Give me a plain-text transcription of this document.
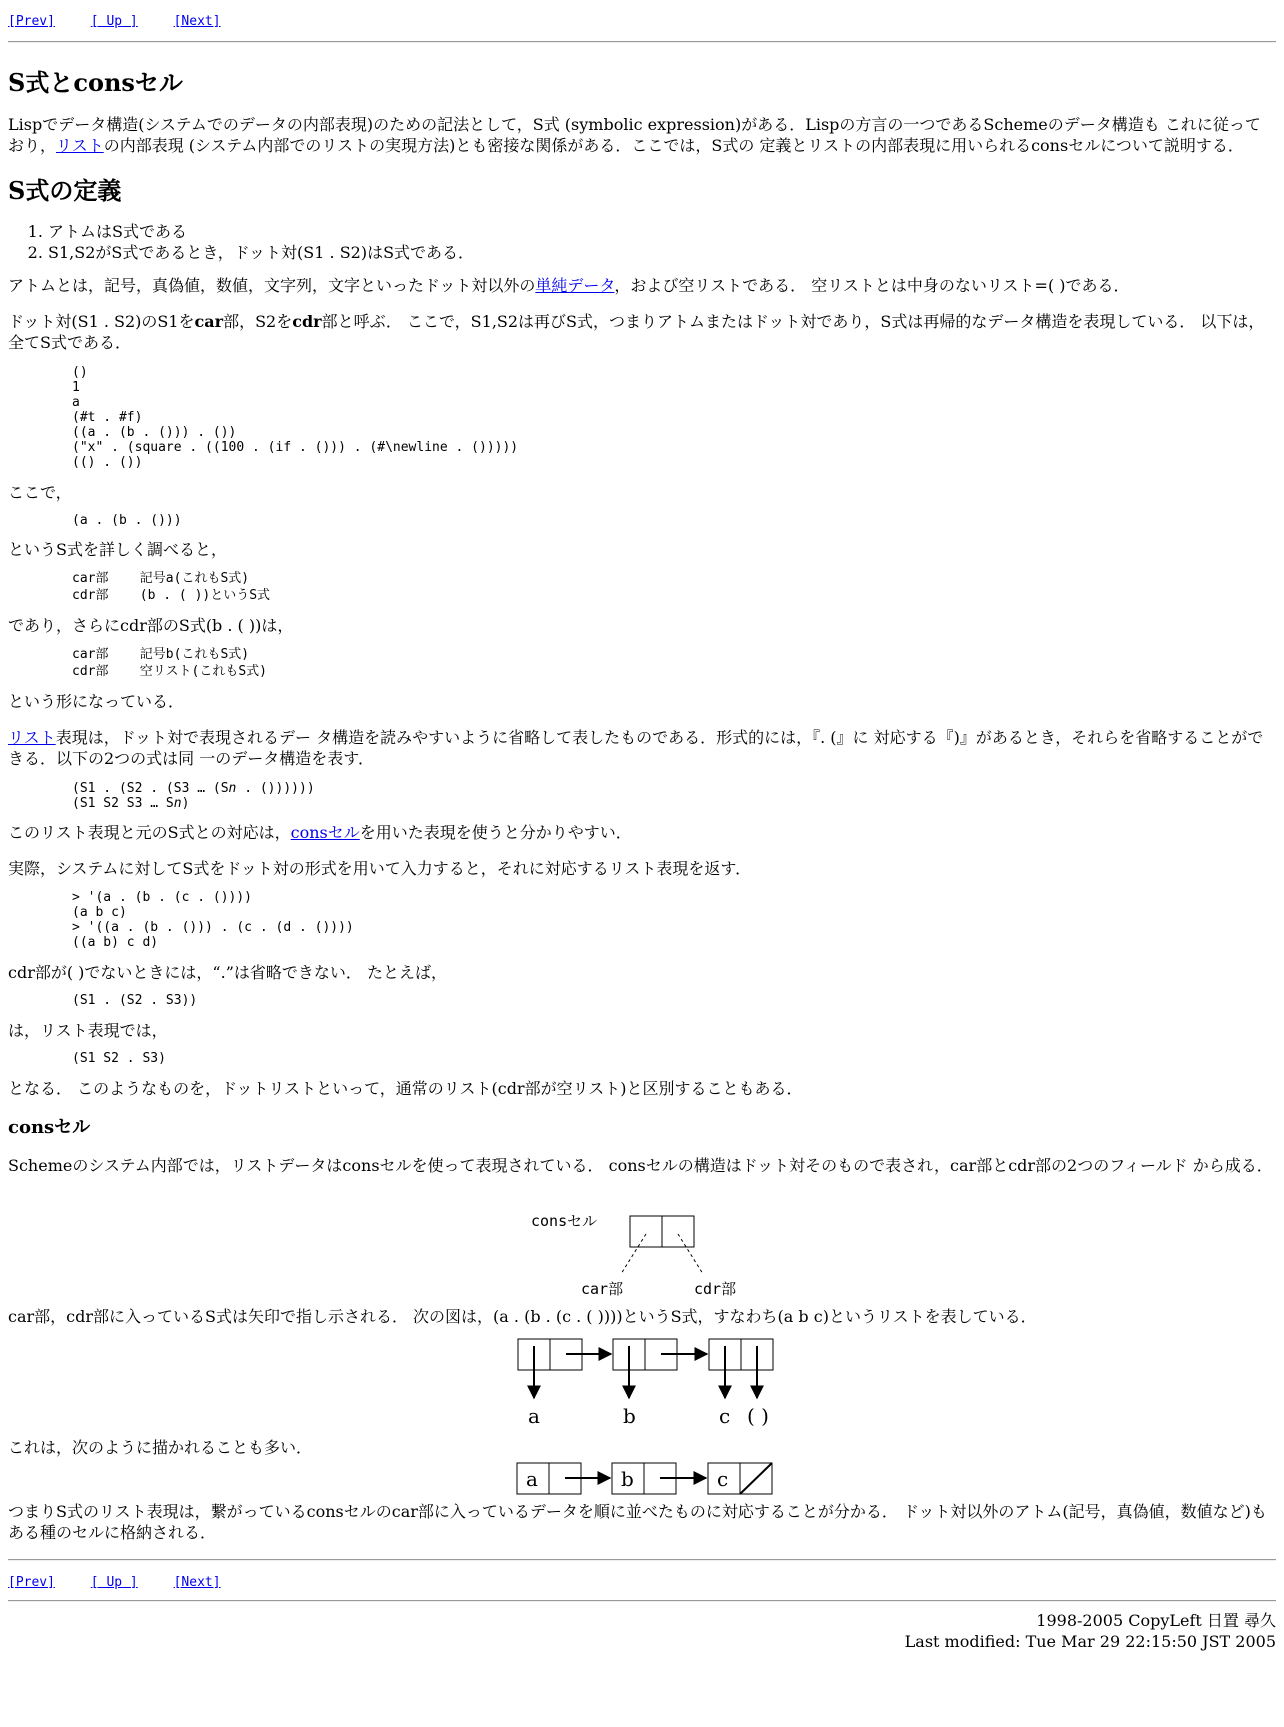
[Prev]	[ Up ]	[Next]
S式とconsセル

Lispでデータ構造(システムでのデータの内部表現)のための記法として，S式 (symbolic expression)がある．Lispの方言の一つであるSchemeのデータ構造も これに従っており，リストの内部表現 (システム内部でのリストの実現方法)とも密接な関係がある．ここでは，S式の 定義とリストの内部表現に用いられるconsセルについて説明する．

S式の定義
1. アトムはS式である
2. S1,S2がS式であるとき，ドット対(S1 . S2)はS式である．

アトムとは，記号，真偽値，数値，文字列，文字といったドット対以外の単純データ，および空リストである． 空リストとは中身のないリスト=( )である．

ドット対(S1 . S2)のS1をcar部，S2をcdr部と呼ぶ． ここで，S1,S2は再びS式，つまりアトムまたはドット対であり，S式は再帰的なデータ構造を表現している． 以下は，全てS式である．

()
1
a
(#t . #f)
((a . (b . ())) . ())
("x" . (square . ((100 . (if . ())) . (#\newline . ()))))
(() . ())

ここで，

(a . (b . ()))

というS式を詳しく調べると，

car部    記号a(これもS式)
cdr部    (b . ( ))というS式

であり，さらにcdr部のS式(b . ( ))は，

car部    記号b(これもS式)
cdr部    空リスト(これもS式)

という形になっている．

リスト表現は，ドット対で表現されるデー タ構造を読みやすいように省略して表したものである．形式的には，『. (』に 対応する『)』があるとき，それらを省略することができる．以下の2つの式は同 一のデータ構造を表す．

(S1 . (S2 . (S3 … (Sn . ())))))
(S1 S2 S3 … Sn)

このリスト表現と元のS式との対応は，consセルを用いた表現を使うと分かりやすい．

実際，システムに対してS式をドット対の形式を用いて入力すると，それに対応するリスト表現を返す．

> '(a . (b . (c . ())))
(a b c)
> '((a . (b . ())) . (c . (d . ())))
((a b) c d)

cdr部が( )でないときには，“.”は省略できない． たとえば，

(S1 . (S2 . S3))

は，リスト表現では，

(S1 S2 . S3)

となる． このようなものを，ドットリストといって，通常のリスト(cdr部が空リスト)と区別することもある．

consセル

Schemeのシステム内部では，リストデータはconsセルを使って表現されている． consセルの構造はドット対そのもので表され，car部とcdr部の2つのフィールド から成る．

consセル
car部	cdr部

car部，cdr部に入っているS式は矢印で指し示される． 次の図は，(a . (b . (c . ( ))))というS式，すなわち(a b c)というリストを表している．

a	b	c ( )

これは，次のように描かれることも多い．

a	b	c

つまりS式のリスト表現は，繋がっているconsセルのcar部に入っているデータを順に並べたものに対応することが分かる． ドット対以外のアトム(記号，真偽値，数値など)もある種のセルに格納される．

[Prev]	[ Up ]	[Next]
1998-2005 CopyLeft 日置 尋久
Last modified: Tue Mar 29 22:15:50 JST 2005
